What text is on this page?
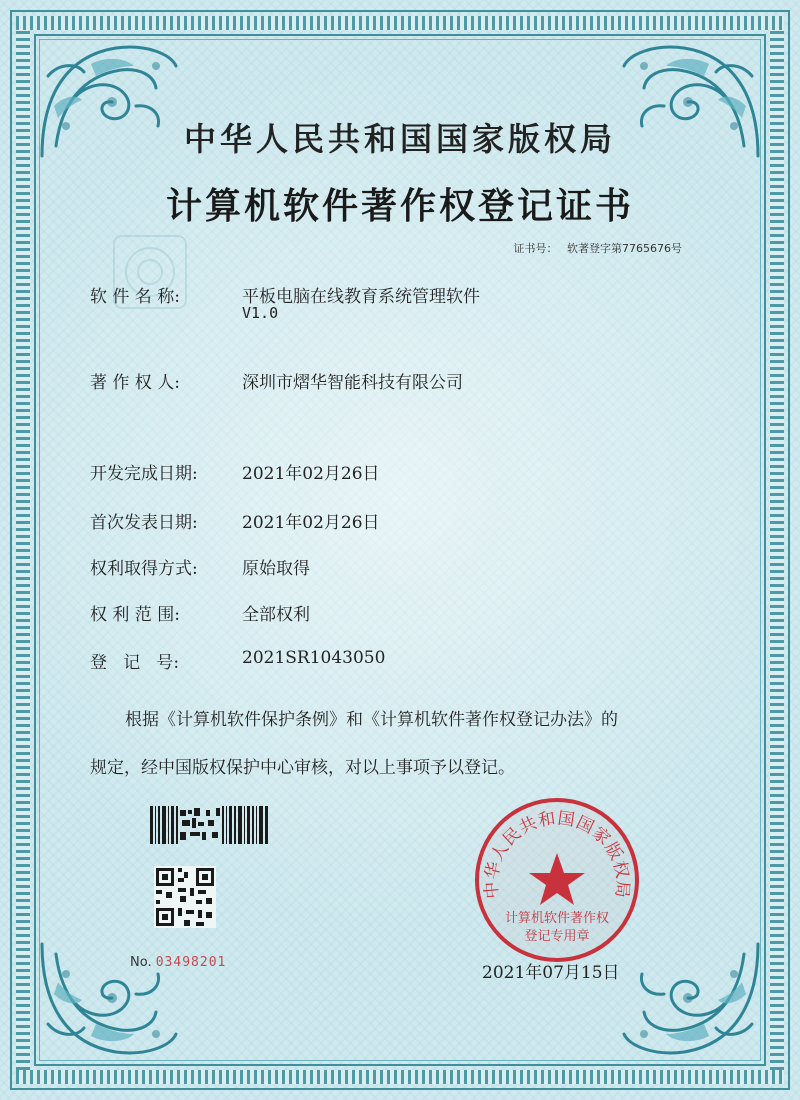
中华人民共和国国家版权局
计算机软件著作权登记证书
证书号： 软著登字第7765676号
软 件 名 称:	平板电脑在线教育系统管理软件
V1.0
著 作 权 人:	深圳市熠华智能科技有限公司
开发完成日期:	2021年02月26日
首次发表日期:	2021年02月26日
权利取得方式:	原始取得
权 利 范 围:	全部权利
登   记   号:	2021SR1043050
根据《计算机软件保护条例》和《计算机软件著作权登记办法》的
规定，经中国版权保护中心审核，对以上事项予以登记。
No. 03498201
中华人民共和国国家版权局
计算机软件著作权
登记专用章
2021年07月15日
